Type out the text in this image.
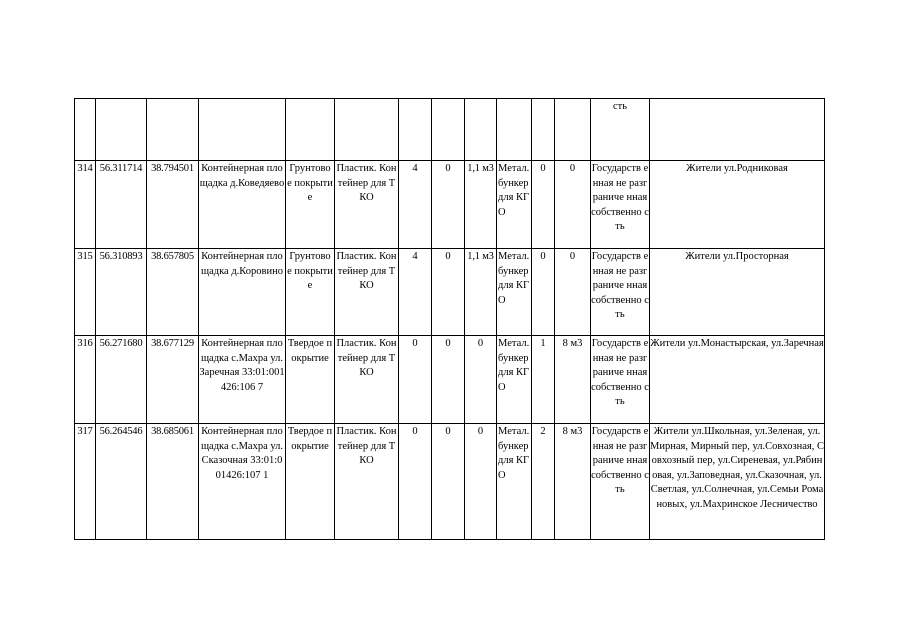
												сть	
314	56.311714	38.794501	Контейнерная площадка д.Коведяево	Грунтово е покрытие	Пластик. Контейнер для ТКО	4	0	1,1 м3	Метал. бункер для КГО	0	0	Государств енная не разграниче нная собственно сть	Жители ул.Родниковая
315	56.310893	38.657805	Контейнерная площадка д.Коровино	Грунтово е покрытие	Пластик. Контейнер для ТКО	4	0	1,1 м3	Метал. бункер для КГО	0	0	Государств енная не разграниче нная собственно сть	Жители ул.Просторная
316	56.271680	38.677129	Контейнерная площадка с.Махра ул.Заречная 33:01:001426:106 7	Твердое покрытие	Пластик. Контейнер для ТКО	0	0	0	Метал. бункер для КГО	1	8 м3	Государств енная не разграниче нная собственно сть	Жители ул.Монастырская, ул.Заречная
317	56.264546	38.685061	Контейнерная площадка с.Махра ул.Сказочная 33:01:001426:107 1	Твердое покрытие	Пластик. Контейнер для ТКО	0	0	0	Метал. бункер для КГО	2	8 м3	Государств енная не разграниче нная собственно сть	Жители ул.Школьная, ул.Зеленая, ул.Мирная, Мирный пер, ул.Совхозная, Совхозный пер, ул.Сиреневая, ул.Рябиновая, ул.Заповедная, ул.Сказочная, ул.Светлая, ул.Солнечная, ул.Семьи Романовых, ул.Махринское Лесничество
